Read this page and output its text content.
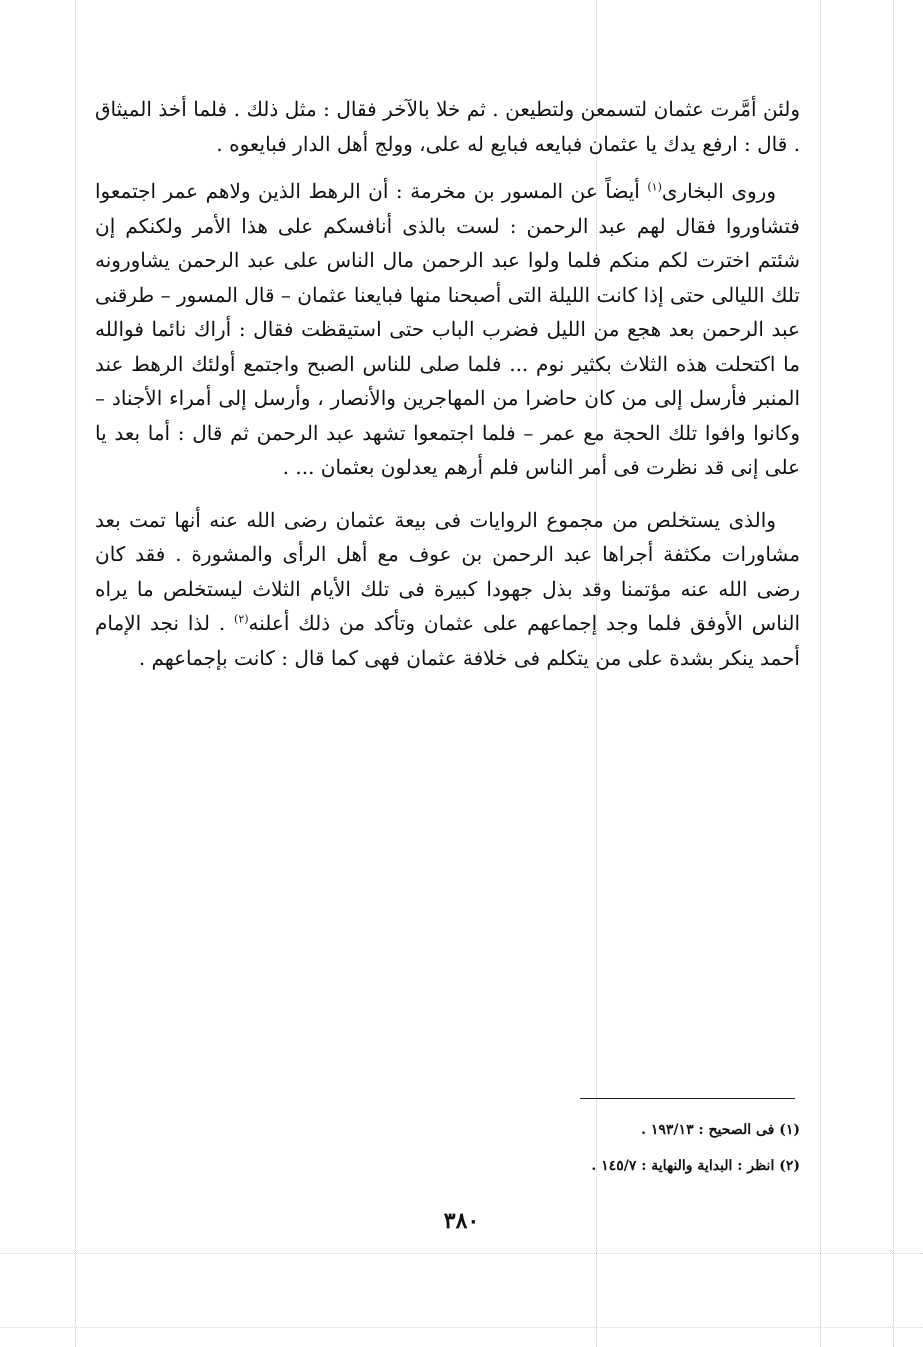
ولئن أمَّرت عثمان لتسمعن ولتطيعن . ثم خلا بالآخر فقال : مثل ذلك . فلما أخذ الميثاق . قال : ارفع يدك يا عثمان فبايعه فبايع له على، وولج أهل الدار فبايعوه .

وروى البخارى$^{(١)}$ أيضاً عن المسور بن مخرمة : أن الرهط الذين ولاهم عمر اجتمعوا فتشاوروا فقال لهم عبد الرحمن : لست بالذى أنافسكم على هذا الأمر ولكنكم إن شئتم اخترت لكم منكم فلما ولوا عبد الرحمن مال الناس على عبد الرحمن يشاورونه تلك الليالى حتى إذا كانت الليلة التى أصبحنا منها فبايعنا عثمان – قال المسور – طرقنى عبد الرحمن بعد هجع من الليل فضرب الباب حتى استيقظت فقال : أراك نائما فوالله ما اكتحلت هذه الثلاث بكثير نوم ... فلما صلى للناس الصبح واجتمع أولئك الرهط عند المنبر فأرسل إلى من كان حاضرا من المهاجرين والأنصار ، وأرسل إلى أمراء الأجناد – وكانوا وافوا تلك الحجة مع عمر – فلما اجتمعوا تشهد عبد الرحمن ثم قال : أما بعد يا على إنى قد نظرت فى أمر الناس فلم أرهم يعدلون بعثمان ... .

والذى يستخلص من مجموع الروايات فى بيعة عثمان رضى الله عنه أنها تمت بعد مشاورات مكثفة أجراها عبد الرحمن بن عوف مع أهل الرأى والمشورة . فقد كان رضى الله عنه مؤتمنا وقد بذل جهودا كبيرة فى تلك الأيام الثلاث ليستخلص ما يراه الناس الأوفق فلما وجد إجماعهم على عثمان وتأكد من ذلك أعلنه$^{(٢)}$ . لذا نجد الإمام أحمد ينكر بشدة على من يتكلم فى خلافة عثمان فهى كما قال : كانت بإجماعهم .

(١) فى الصحيح : ١٩٣/١٣ .
(٢) انظر : البداية والنهاية : ١٤٥/٧ .
٣٨٠
